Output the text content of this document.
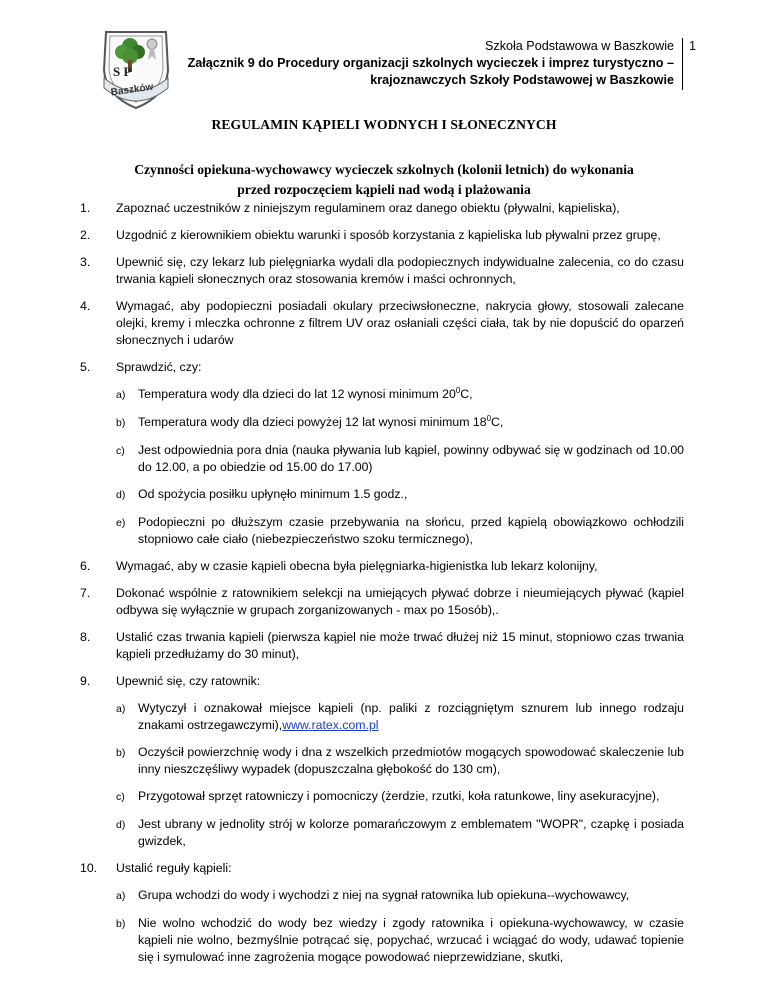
S P
Baszków
Szkoła Podstawowa w Baszkowie
Załącznik 9 do Procedury organizacji szkolnych wycieczek i imprez turystyczno –
krajoznawczych Szkoły Podstawowej w Baszkowie
1
REGULAMIN KĄPIELI WODNYCH I SŁONECZNYCH
Czynności opiekuna-wychowawcy wycieczek szkolnych (kolonii letnich) do wykonania
przed rozpoczęciem kąpieli nad wodą i plażowania
1.	Zapoznać uczestników z niniejszym regulaminem oraz danego obiektu (pływalni, kąpieliska),
2.	Uzgodnić z kierownikiem obiektu warunki i sposób korzystania z kąpieliska lub pływalni przez grupę,
3.	Upewnić się, czy lekarz lub pielęgniarka wydali dla podopiecznych indywidualne zalecenia, co do czasu trwania kąpieli słonecznych oraz stosowania kremów i maści ochronnych,
4.	Wymagać, aby podopieczni posiadali okulary przeciwsłoneczne, nakrycia głowy, stosowali zalecane olejki, kremy i mleczka ochronne z filtrem UV oraz osłaniali części ciała, tak by nie dopuścić do oparzeń słonecznych i udarów
5.	Sprawdzić, czy:
a)	Temperatura wody dla dzieci do lat 12 wynosi minimum $20^0C$,
b)	Temperatura wody dla dzieci powyżej 12 lat wynosi minimum $18^0C$,
c)	Jest odpowiednia pora dnia (nauka pływania lub kąpiel, powinny odbywać się w godzinach od 10.00 do 12.00, a po obiedzie od 15.00 do 17.00)
d)	Od spożycia posiłku upłynęło minimum 1.5 godz.,
e)	Podopieczni po dłuższym czasie przebywania na słońcu, przed kąpielą obowiązkowo ochłodzili stopniowo całe ciało (niebezpieczeństwo szoku termicznego),
6.	Wymagać, aby w czasie kąpieli obecna była pielęgniarka-higienistka lub lekarz kolonijny,
7.	Dokonać wspólnie z ratownikiem selekcji na umiejących pływać dobrze i nieumiejących pływać (kąpiel odbywa się wyłącznie w grupach zorganizowanych - max po 15osób),.
8.	Ustalić czas trwania kąpieli (pierwsza kąpiel nie może trwać dłużej niż 15 minut, stopniowo czas trwania kąpieli przedłużamy do 30 minut),
9.	Upewnić się, czy ratownik:
a)	Wytyczył i oznakował miejsce kąpieli (np. paliki z rozciągniętym sznurem lub innego rodzaju znakami ostrzegawczymi),www.ratex.com.pl
b)	Oczyścił powierzchnię wody i dna z wszelkich przedmiotów mogących spowodować skaleczenie lub inny nieszczęśliwy wypadek (dopuszczalna głębokość do 130 cm),
c)	Przygotował sprzęt ratowniczy i pomocniczy (żerdzie, rzutki, koła ratunkowe, liny asekuracyjne),
d)	Jest ubrany w jednolity strój w kolorze pomarańczowym z emblematem "WOPR", czapkę i posiada gwizdek,
10.	Ustalić reguły kąpieli:
a)	Grupa wchodzi do wody i wychodzi z niej na sygnał ratownika lub opiekuna--wychowawcy,
b)	Nie wolno wchodzić do wody bez wiedzy i zgody ratownika i opiekuna-wychowawcy, w czasie kąpieli nie wolno, bezmyślnie potrącać się, popychać, wrzucać i wciągać do wody, udawać topienie się i symulować inne zagrożenia mogące powodować nieprzewidziane, skutki,
